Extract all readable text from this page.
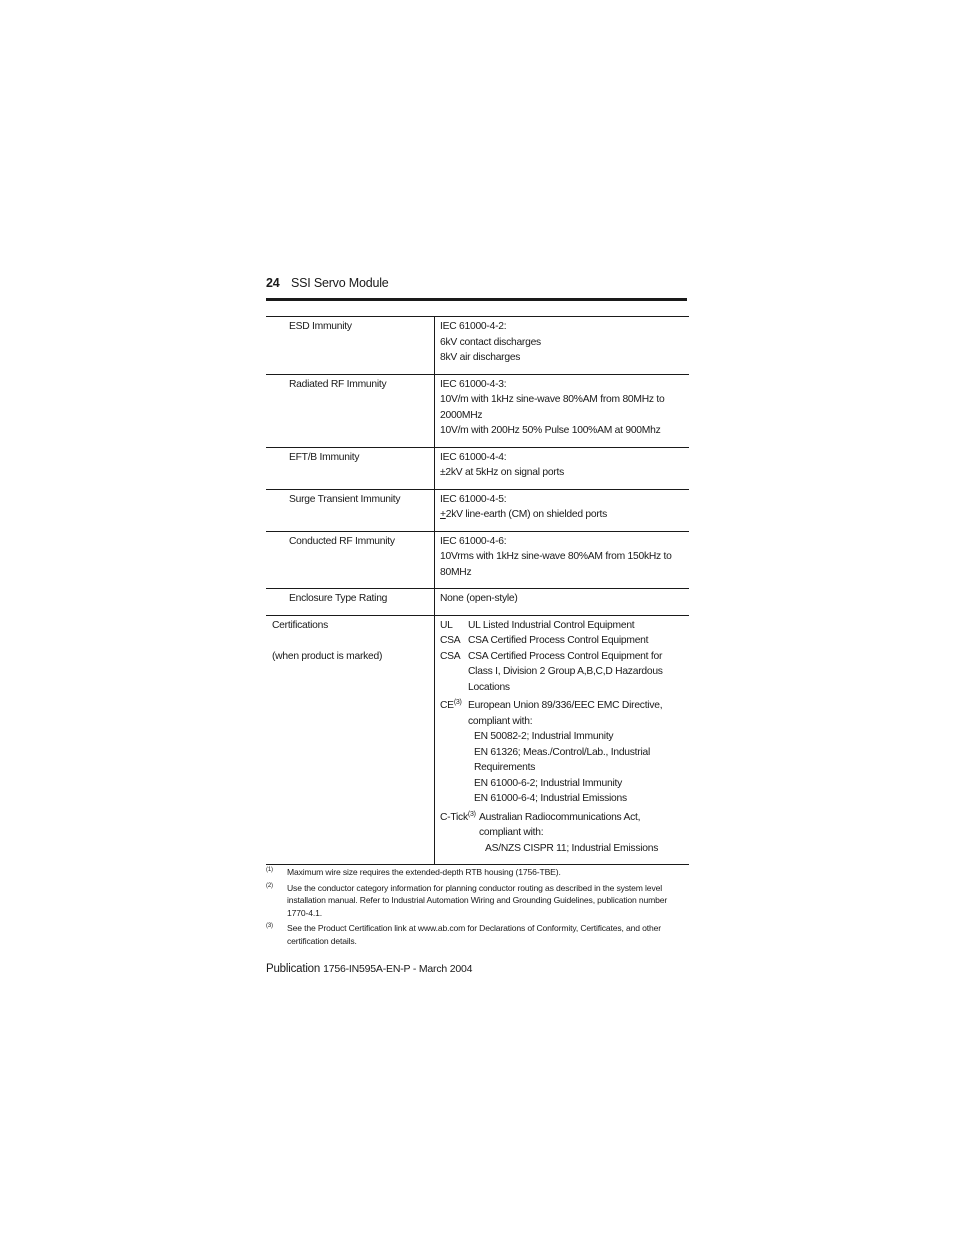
24 SSI Servo Module
ESD Immunity	IEC 61000-4-2:
6kV contact discharges
8kV air discharges
Radiated RF Immunity	IEC 61000-4-3:
10V/m with 1kHz sine-wave 80%AM from 80MHz to
2000MHz
10V/m with 200Hz 50% Pulse 100%AM at 900Mhz
EFT/B Immunity	IEC 61000-4-4:
±2kV at 5kHz on signal ports
Surge Transient Immunity	IEC 61000-4-5:
+2kV line-earth (CM) on shielded ports
Conducted RF Immunity	IEC 61000-4-6:
10Vrms with 1kHz sine-wave 80%AM from 150kHz to
80MHz
Enclosure Type Rating	None (open-style)
Certifications
(when product is marked)
UL	UL Listed Industrial Control Equipment
CSA CSA Certified Process Control Equipment
CSA CSA Certified Process Control Equipment for Class I, Division 2 Group A,B,C,D Hazardous Locations
CE$^{(3)}$ European Union 89/336/EEC EMC Directive, compliant with:
EN 50082-2; Industrial Immunity
EN 61326; Meas./Control/Lab., Industrial
Requirements
EN 61000-6-2; Industrial Immunity
EN 61000-6-4; Industrial Emissions
C-Tick$^{(3)}$ Australian Radiocommunications Act,
compliant with:
AS/NZS CISPR 11; Industrial Emissions
(1)	Maximum wire size requires the extended-depth RTB housing (1756-TBE).
(2)	Use the conductor category information for planning conductor routing as described in the system level installation manual. Refer to Industrial Automation Wiring and Grounding Guidelines, publication number 1770-4.1.
(3)	See the Product Certification link at www.ab.com for Declarations of Conformity, Certificates, and other certification details.
Publication 1756-IN595A-EN-P - March 2004
